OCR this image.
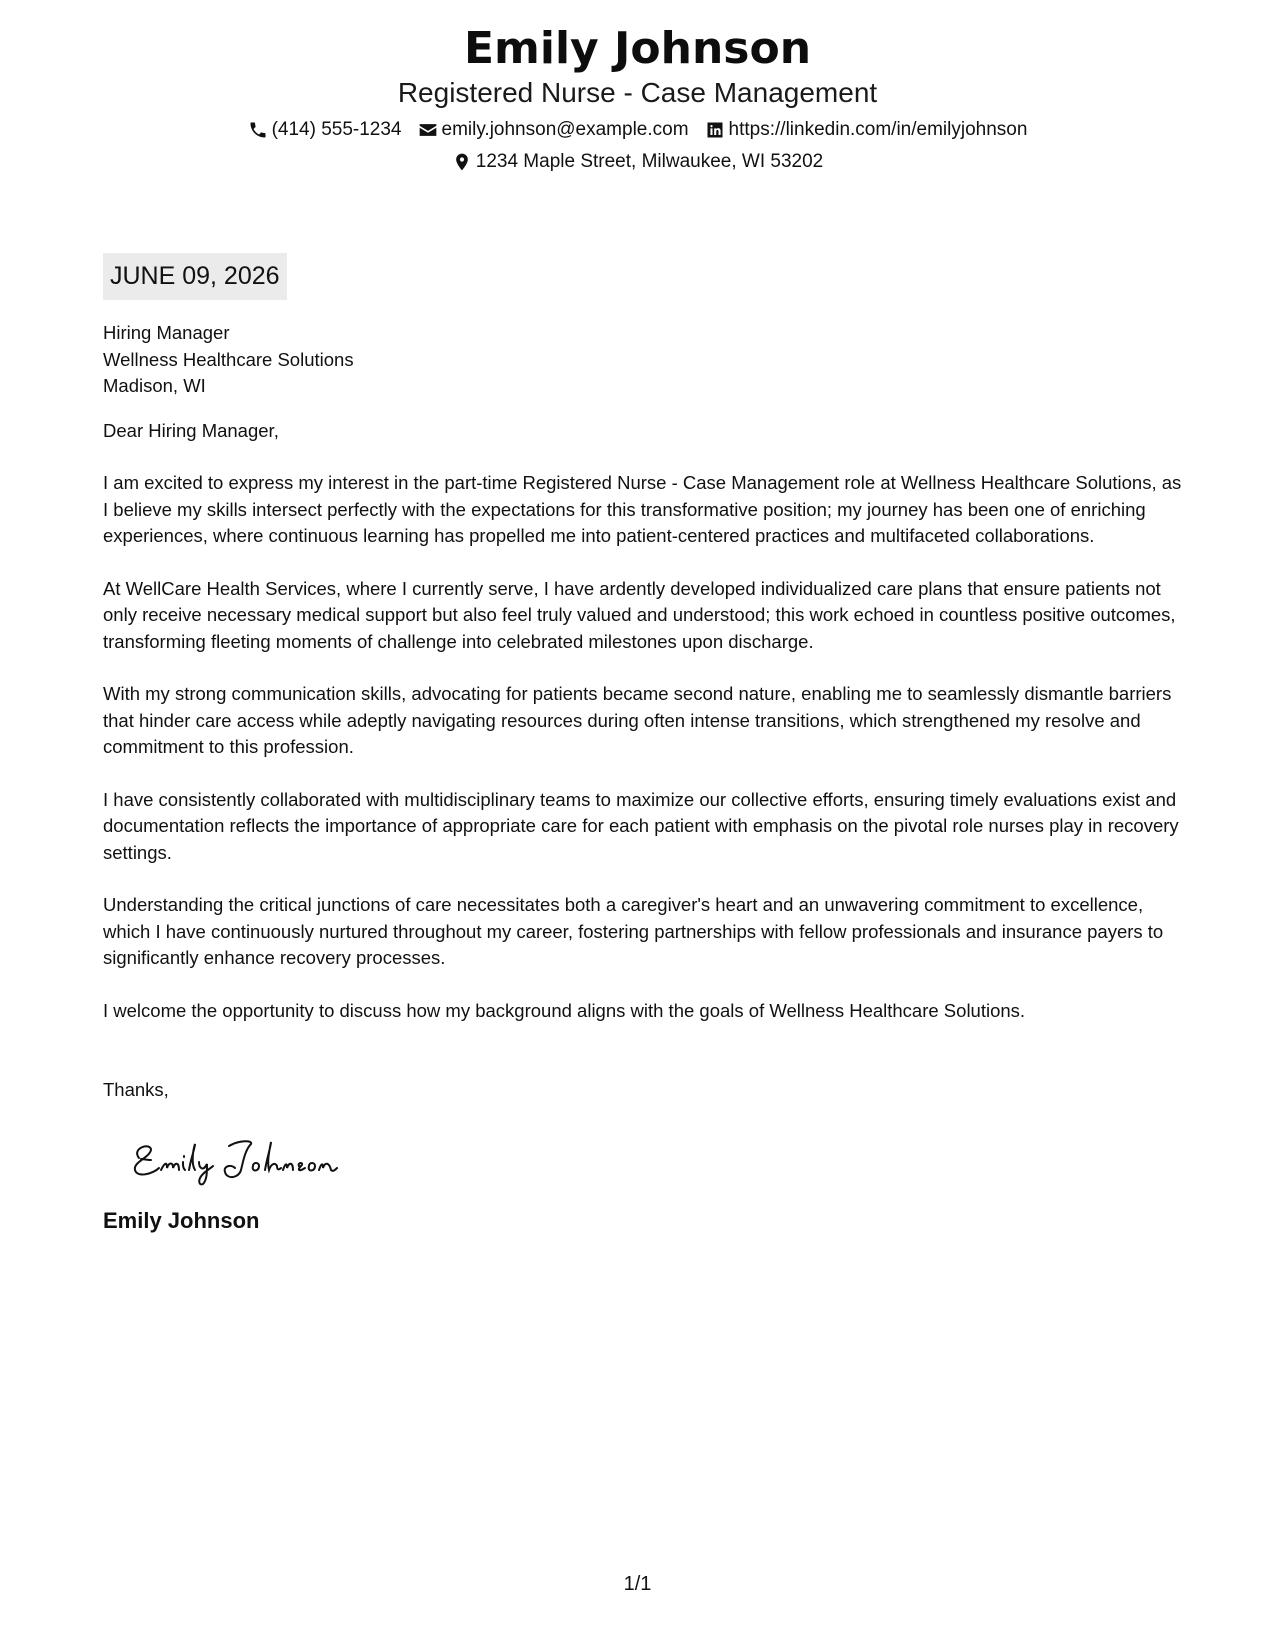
Emily Johnson

Registered Nurse - Case Management

(414) 555-1234 emily.johnson@example.com https://linkedin.com/in/emilyjohnson
1234 Maple Street, Milwaukee, WI 53202
JUNE 09, 2026

Hiring Manager

Wellness Healthcare Solutions

Madison, WI

Dear Hiring Manager,

I am excited to express my interest in the part-time Registered Nurse - Case Management role at Wellness Healthcare Solutions, as I believe my skills intersect perfectly with the expectations for this transformative position; my journey has been one of enriching experiences, where continuous learning has propelled me into patient-centered practices and multifaceted collaborations.

At WellCare Health Services, where I currently serve, I have ardently developed individualized care plans that ensure patients not only receive necessary medical support but also feel truly valued and understood; this work echoed in countless positive outcomes, transforming fleeting moments of challenge into celebrated milestones upon discharge.

With my strong communication skills, advocating for patients became second nature, enabling me to seamlessly dismantle barriers that hinder care access while adeptly navigating resources during often intense transitions, which strengthened my resolve and commitment to this profession.

I have consistently collaborated with multidisciplinary teams to maximize our collective efforts, ensuring timely evaluations exist and documentation reflects the importance of appropriate care for each patient with emphasis on the pivotal role nurses play in recovery settings.

Understanding the critical junctions of care necessitates both a caregiver's heart and an unwavering commitment to excellence, which I have continuously nurtured throughout my career, fostering partnerships with fellow professionals and insurance payers to significantly enhance recovery processes.

I welcome the opportunity to discuss how my background aligns with the goals of Wellness Healthcare Solutions.

Thanks,

Emily Johnson

1/1
